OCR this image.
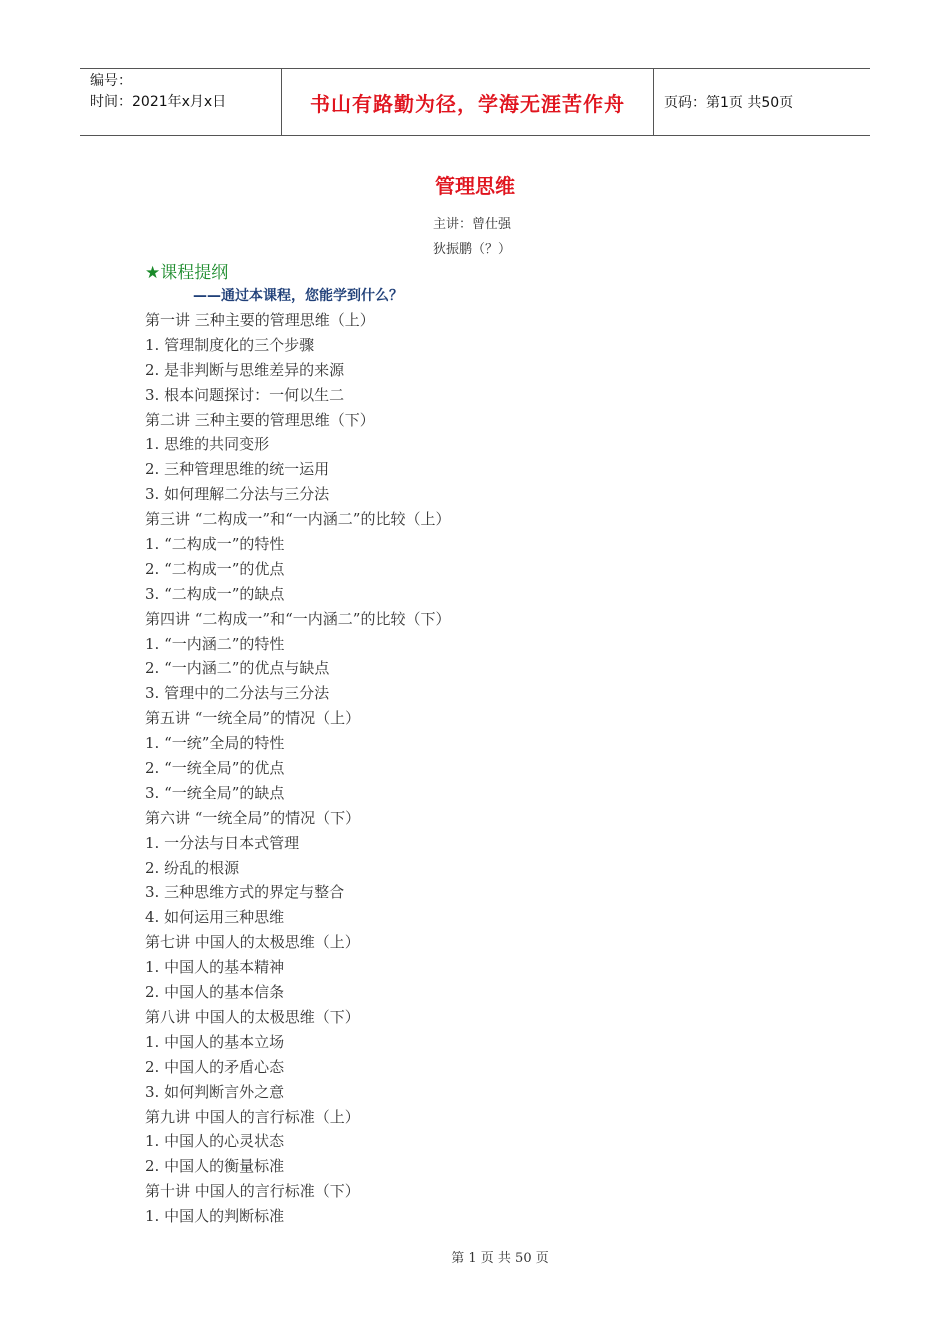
编号：
时间：2021年x月x日	书山有路勤为径，学海无涯苦作舟	页码：第1页 共50页
管理思维
主讲：曾仕强
狄振鹏（？）
★课程提纲
——通过本课程，您能学到什么？
第一讲 三种主要的管理思维（上）
1. 管理制度化的三个步骤
2. 是非判断与思维差异的来源
3. 根本问题探讨：一何以生二
第二讲 三种主要的管理思维（下）
1. 思维的共同变形
2. 三种管理思维的统一运用
3. 如何理解二分法与三分法
第三讲 “二构成一”和“一内涵二”的比较（上）
1. “二构成一”的特性
2. “二构成一”的优点
3. “二构成一”的缺点
第四讲 “二构成一”和“一内涵二”的比较（下）
1. “一内涵二”的特性
2. “一内涵二”的优点与缺点
3. 管理中的二分法与三分法
第五讲 “一统全局”的情况（上）
1. “一统”全局的特性
2. “一统全局”的优点
3. “一统全局”的缺点
第六讲 “一统全局”的情况（下）
1. 一分法与日本式管理
2. 纷乱的根源
3. 三种思维方式的界定与整合
4. 如何运用三种思维
第七讲 中国人的太极思维（上）
1. 中国人的基本精神
2. 中国人的基本信条
第八讲 中国人的太极思维（下）
1. 中国人的基本立场
2. 中国人的矛盾心态
3. 如何判断言外之意
第九讲 中国人的言行标准（上）
1. 中国人的心灵状态
2. 中国人的衡量标准
第十讲 中国人的言行标准（下）
1. 中国人的判断标准
第 1 页 共 50 页
